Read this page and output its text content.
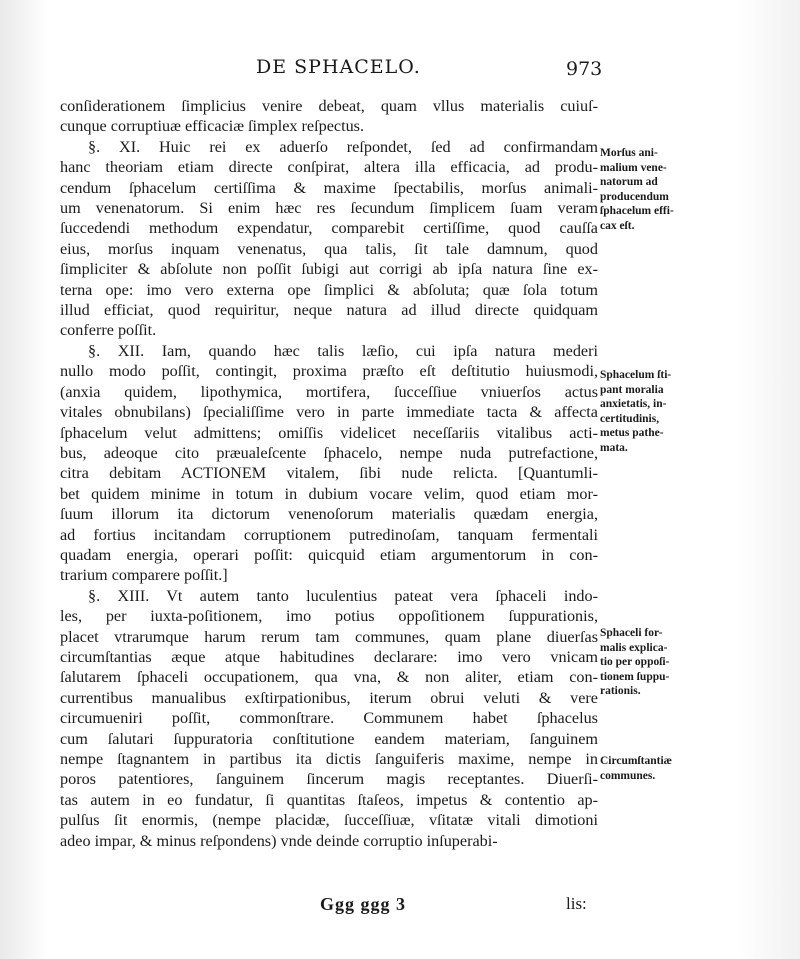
DE SPHACELO.	973
conſiderationem ſimplicius venire debeat, quam vllus materialis cuiuſ-
cunque corruptiuæ efficaciæ ſimplex reſpectus.
§. XI. Huic rei ex aduerſo reſpondet, ſed ad confirmandam
hanc theoriam etiam directe conſpirat, altera illa efficacia, ad produ-
cendum ſphacelum certiſſima & maxime ſpectabilis, morſus animali-
um venenatorum. Si enim hæc res ſecundum ſimplicem ſuam veram
ſuccedendi methodum expendatur, comparebit certiſſime, quod cauſſa
eius, morſus inquam venenatus, qua talis, ſit tale damnum, quod
ſimpliciter & abſolute non poſſit ſubigi aut corrigi ab ipſa natura ſine ex-
terna ope: imo vero externa ope ſimplici & abſoluta; quæ ſola totum
illud efficiat, quod requiritur, neque natura ad illud directe quidquam
conferre poſſit.
§. XII. Iam, quando hæc talis læſio, cui ipſa natura mederi
nullo modo poſſit, contingit, proxima præſto eſt deſtitutio huiusmodi,
(anxia quidem, lipothymica, mortifera, ſucceſſiue vniuerſos actus
vitales obnubilans) ſpecialiſſime vero in parte immediate tacta & affecta
ſphacelum velut admittens; omiſſis videlicet neceſſariis vitalibus acti-
bus, adeoque cito præualeſcente ſphacelo, nempe nuda putrefactione,
citra debitam ACTIONEM vitalem, ſibi nude relicta. [Quantumli-
bet quidem minime in totum in dubium vocare velim, quod etiam mor-
ſuum illorum ita dictorum venenoſorum materialis quædam energia,
ad fortius incitandam corruptionem putredinoſam, tanquam fermentali
quadam energia, operari poſſit: quicquid etiam argumentorum in con-
trarium comparere poſſit.]
§. XIII. Vt autem tanto luculentius pateat vera ſphaceli indo-
les, per iuxta-poſitionem, imo potius oppoſitionem ſuppurationis,
placet vtrarumque harum rerum tam communes, quam plane diuerſas
circumſtantias æque atque habitudines declarare: imo vero vnicam
ſalutarem ſphaceli occupationem, qua vna, & non aliter, etiam con-
currentibus manualibus exſtirpationibus, iterum obrui veluti & vere
circumueniri poſſit, commonſtrare. Communem habet ſphacelus
cum ſalutari ſuppuratoria conſtitutione eandem materiam, ſanguinem
nempe ſtagnantem in partibus ita dictis ſanguiferis maxime, nempe in
poros patentiores, ſanguinem ſincerum magis receptantes. Diuerſi-
tas autem in eo fundatur, ſi quantitas ſtaſeos, impetus & contentio ap-
pulſus ſit enormis, (nempe placidæ, ſucceſſiuæ, vſitatæ vitali dimotioni
adeo impar, & minus reſpondens) vnde deinde corruptio inſuperabi-
Morſus ani-
malium vene-
natorum ad
producendum
ſphacelum effi-
cax eſt.
Sphacelum ſti-
pant moralia
anxietatis, in-
certitudinis,
metus pathe-
mata.
Sphaceli for-
malis explica-
tio per oppoſi-
tionem ſuppu-
rationis.
Circumſtantiæ
communes.
Ggg ggg 3	lis:
